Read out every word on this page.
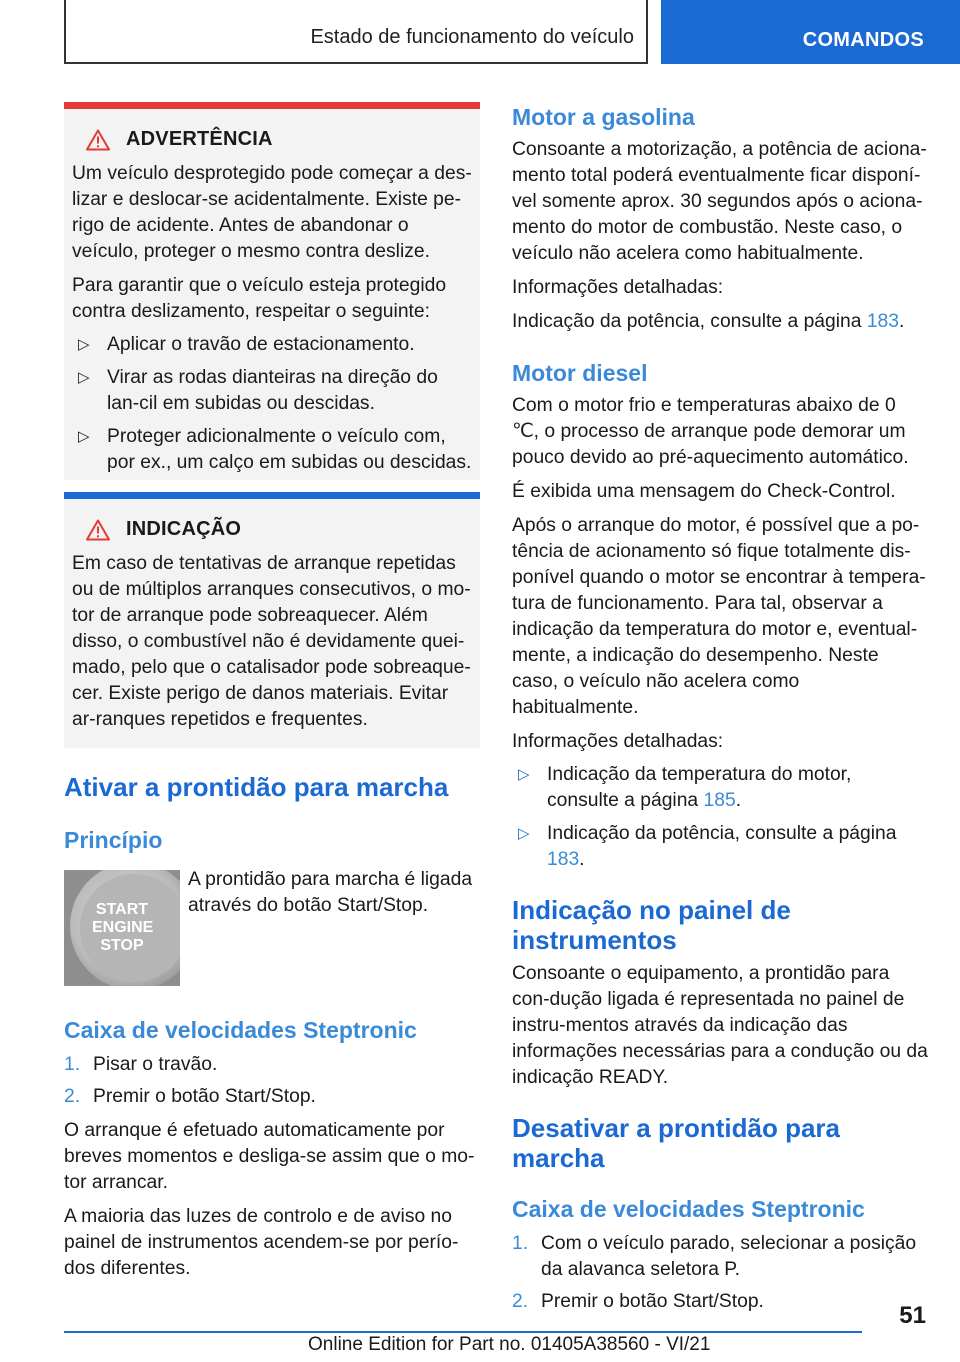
Estado de funcionamento do veículo	COMANDOS
ADVERTÊNCIA

Um veículo desprotegido pode começar a des-lizar e deslocar-se acidentalmente. Existe pe-rigo de acidente. Antes de abandonar o veículo, proteger o mesmo contra deslize.

Para garantir que o veículo esteja protegido contra deslizamento, respeitar o seguinte:

▷ Aplicar o travão de estacionamento.
▷ Virar as rodas dianteiras na direção do lan-cil em subidas ou descidas.
▷ Proteger adicionalmente o veículo com, por ex., um calço em subidas ou descidas.
INDICAÇÃO

Em caso de tentativas de arranque repetidas ou de múltiplos arranques consecutivos, o mo-tor de arranque pode sobreaquecer. Além disso, o combustível não é devidamente quei-mado, pelo que o catalisador pode sobreaque-cer. Existe perigo de danos materiais. Evitar ar-ranques repetidos e frequentes.

Ativar a prontidão para marcha

Princípio

START ENGINE STOP

A prontidão para marcha é ligada através do botão Start/Stop.

Caixa de velocidades Steptronic

1. Pisar o travão.
2. Premir o botão Start/Stop.

O arranque é efetuado automaticamente por breves momentos e desliga-se assim que o mo-tor arrancar.

A maioria das luzes de controlo e de aviso no painel de instrumentos acendem-se por perío-dos diferentes.

Motor a gasolina

Consoante a motorização, a potência de aciona-mento total poderá eventualmente ficar disponí-vel somente aprox. 30 segundos após o aciona-mento do motor de combustão. Neste caso, o veículo não acelera como habitualmente.

Informações detalhadas:

Indicação da potência, consulte a página 183.

Motor diesel

Com o motor frio e temperaturas abaixo de 0 ℃, o processo de arranque pode demorar um pouco devido ao pré-aquecimento automático.

É exibida uma mensagem do Check-Control.

Após o arranque do motor, é possível que a po-tência de acionamento só fique totalmente dis-ponível quando o motor se encontrar à tempera-tura de funcionamento. Para tal, observar a indicação da temperatura do motor e, eventual-mente, a indicação do desempenho. Neste caso, o veículo não acelera como habitualmente.

Informações detalhadas:

▷ Indicação da temperatura do motor, consulte a página 185.
▷ Indicação da potência, consulte a página 183.

Indicação no painel de instrumentos

Consoante o equipamento, a prontidão para con-dução ligada é representada no painel de instru-mentos através da indicação das informações necessárias para a condução ou da indicação READY.

Desativar a prontidão para marcha

Caixa de velocidades Steptronic

1. Com o veículo parado, selecionar a posição da alavanca seletora P.
2. Premir o botão Start/Stop.
51
Online Edition for Part no. 01405A38560 - VI/21
